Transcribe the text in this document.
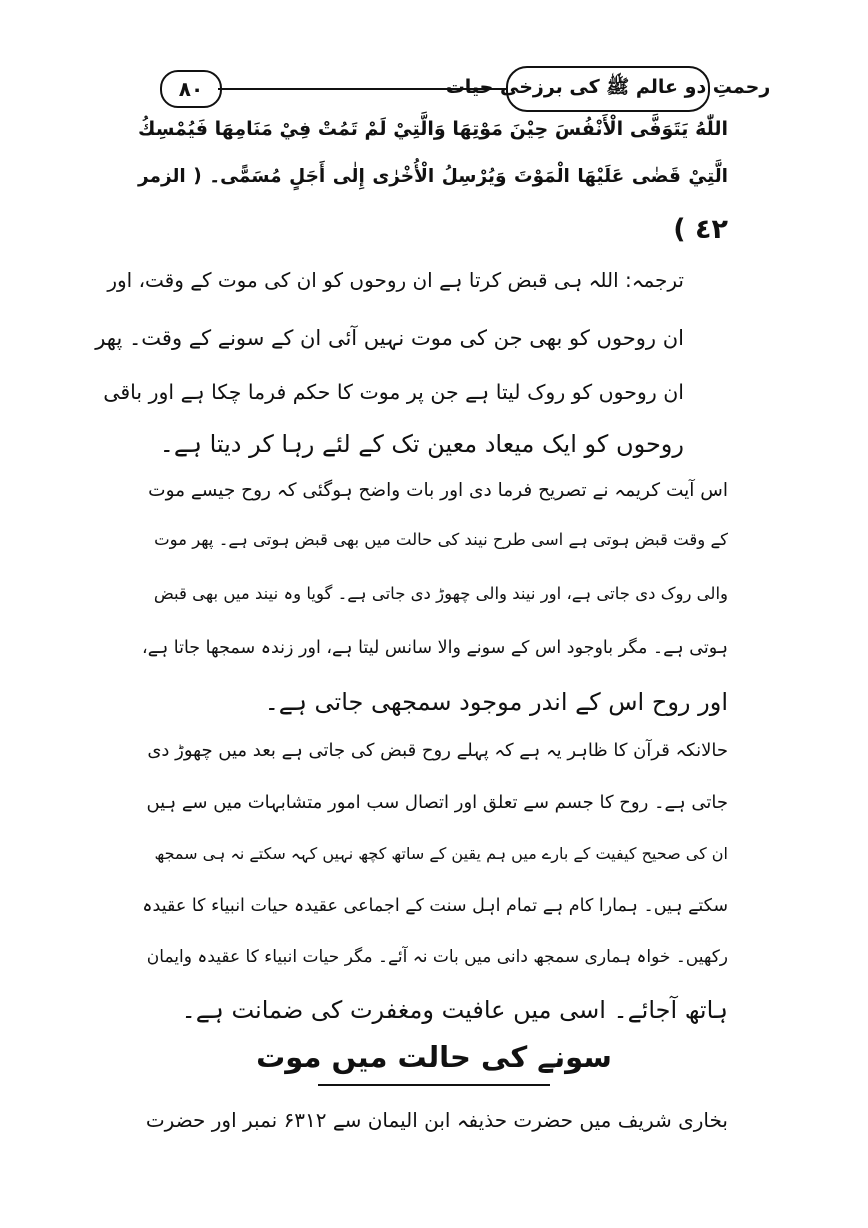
٨٠	رحمتِ دو عالم ﷺ کی برزخی حیات
اللّٰهُ يَتَوَفَّى الْأَنْفُسَ حِيْنَ مَوْتِهَا وَالَّتِيْ لَمْ تَمُتْ فِيْ مَنَامِهَا فَيُمْسِكُ
الَّتِيْ قَضٰى عَلَيْهَا الْمَوْتَ وَيُرْسِلُ الْأُخْرٰى إِلٰى أَجَلٍ مُسَمًّى۔ ( الزمر
٤٢ )
ترجمہ: اللہ ہی قبض کرتا ہے ان روحوں کو ان کی موت کے وقت، اور
ان روحوں کو بھی جن کی موت نہیں آئی ان کے سونے کے وقت۔ پھر
ان روحوں کو روک لیتا ہے جن پر موت کا حکم فرما چکا ہے اور باقی
روحوں کو ایک میعاد معین تک کے لئے رہا کر دیتا ہے۔
اس آیت کریمہ نے تصریح فرما دی اور بات واضح ہوگئی کہ روح جیسے موت
کے وقت قبض ہوتی ہے اسی طرح نیند کی حالت میں بھی قبض ہوتی ہے۔ پھر موت
والی روک دی جاتی ہے، اور نیند والی چھوڑ دی جاتی ہے۔ گویا وہ نیند میں بھی قبض
ہوتی ہے۔ مگر باوجود اس کے سونے والا سانس لیتا ہے، اور زندہ سمجھا جاتا ہے،
اور روح اس کے اندر موجود سمجھی جاتی ہے۔
حالانکہ قرآن کا ظاہر یہ ہے کہ پہلے روح قبض کی جاتی ہے بعد میں چھوڑ دی
جاتی ہے۔ روح کا جسم سے تعلق اور اتصال سب امور متشابہات میں سے ہیں
ان کی صحیح کیفیت کے بارے میں ہم یقین کے ساتھ کچھ نہیں کہہ سکتے نہ ہی سمجھ
سکتے ہیں۔ ہمارا کام ہے تمام اہل سنت کے اجماعی عقیدہ حیات انبیاء کا عقیدہ
رکھیں۔ خواہ ہماری سمجھ دانی میں بات نہ آئے۔ مگر حیات انبیاء کا عقیدہ وایمان
ہاتھ آجائے۔ اسی میں عافیت ومغفرت کی ضمانت ہے۔
سونے کی حالت میں موت
بخاری شریف میں حضرت حذیفہ ابن الیمان سے ۶۳۱۲ نمبر اور حضرت
